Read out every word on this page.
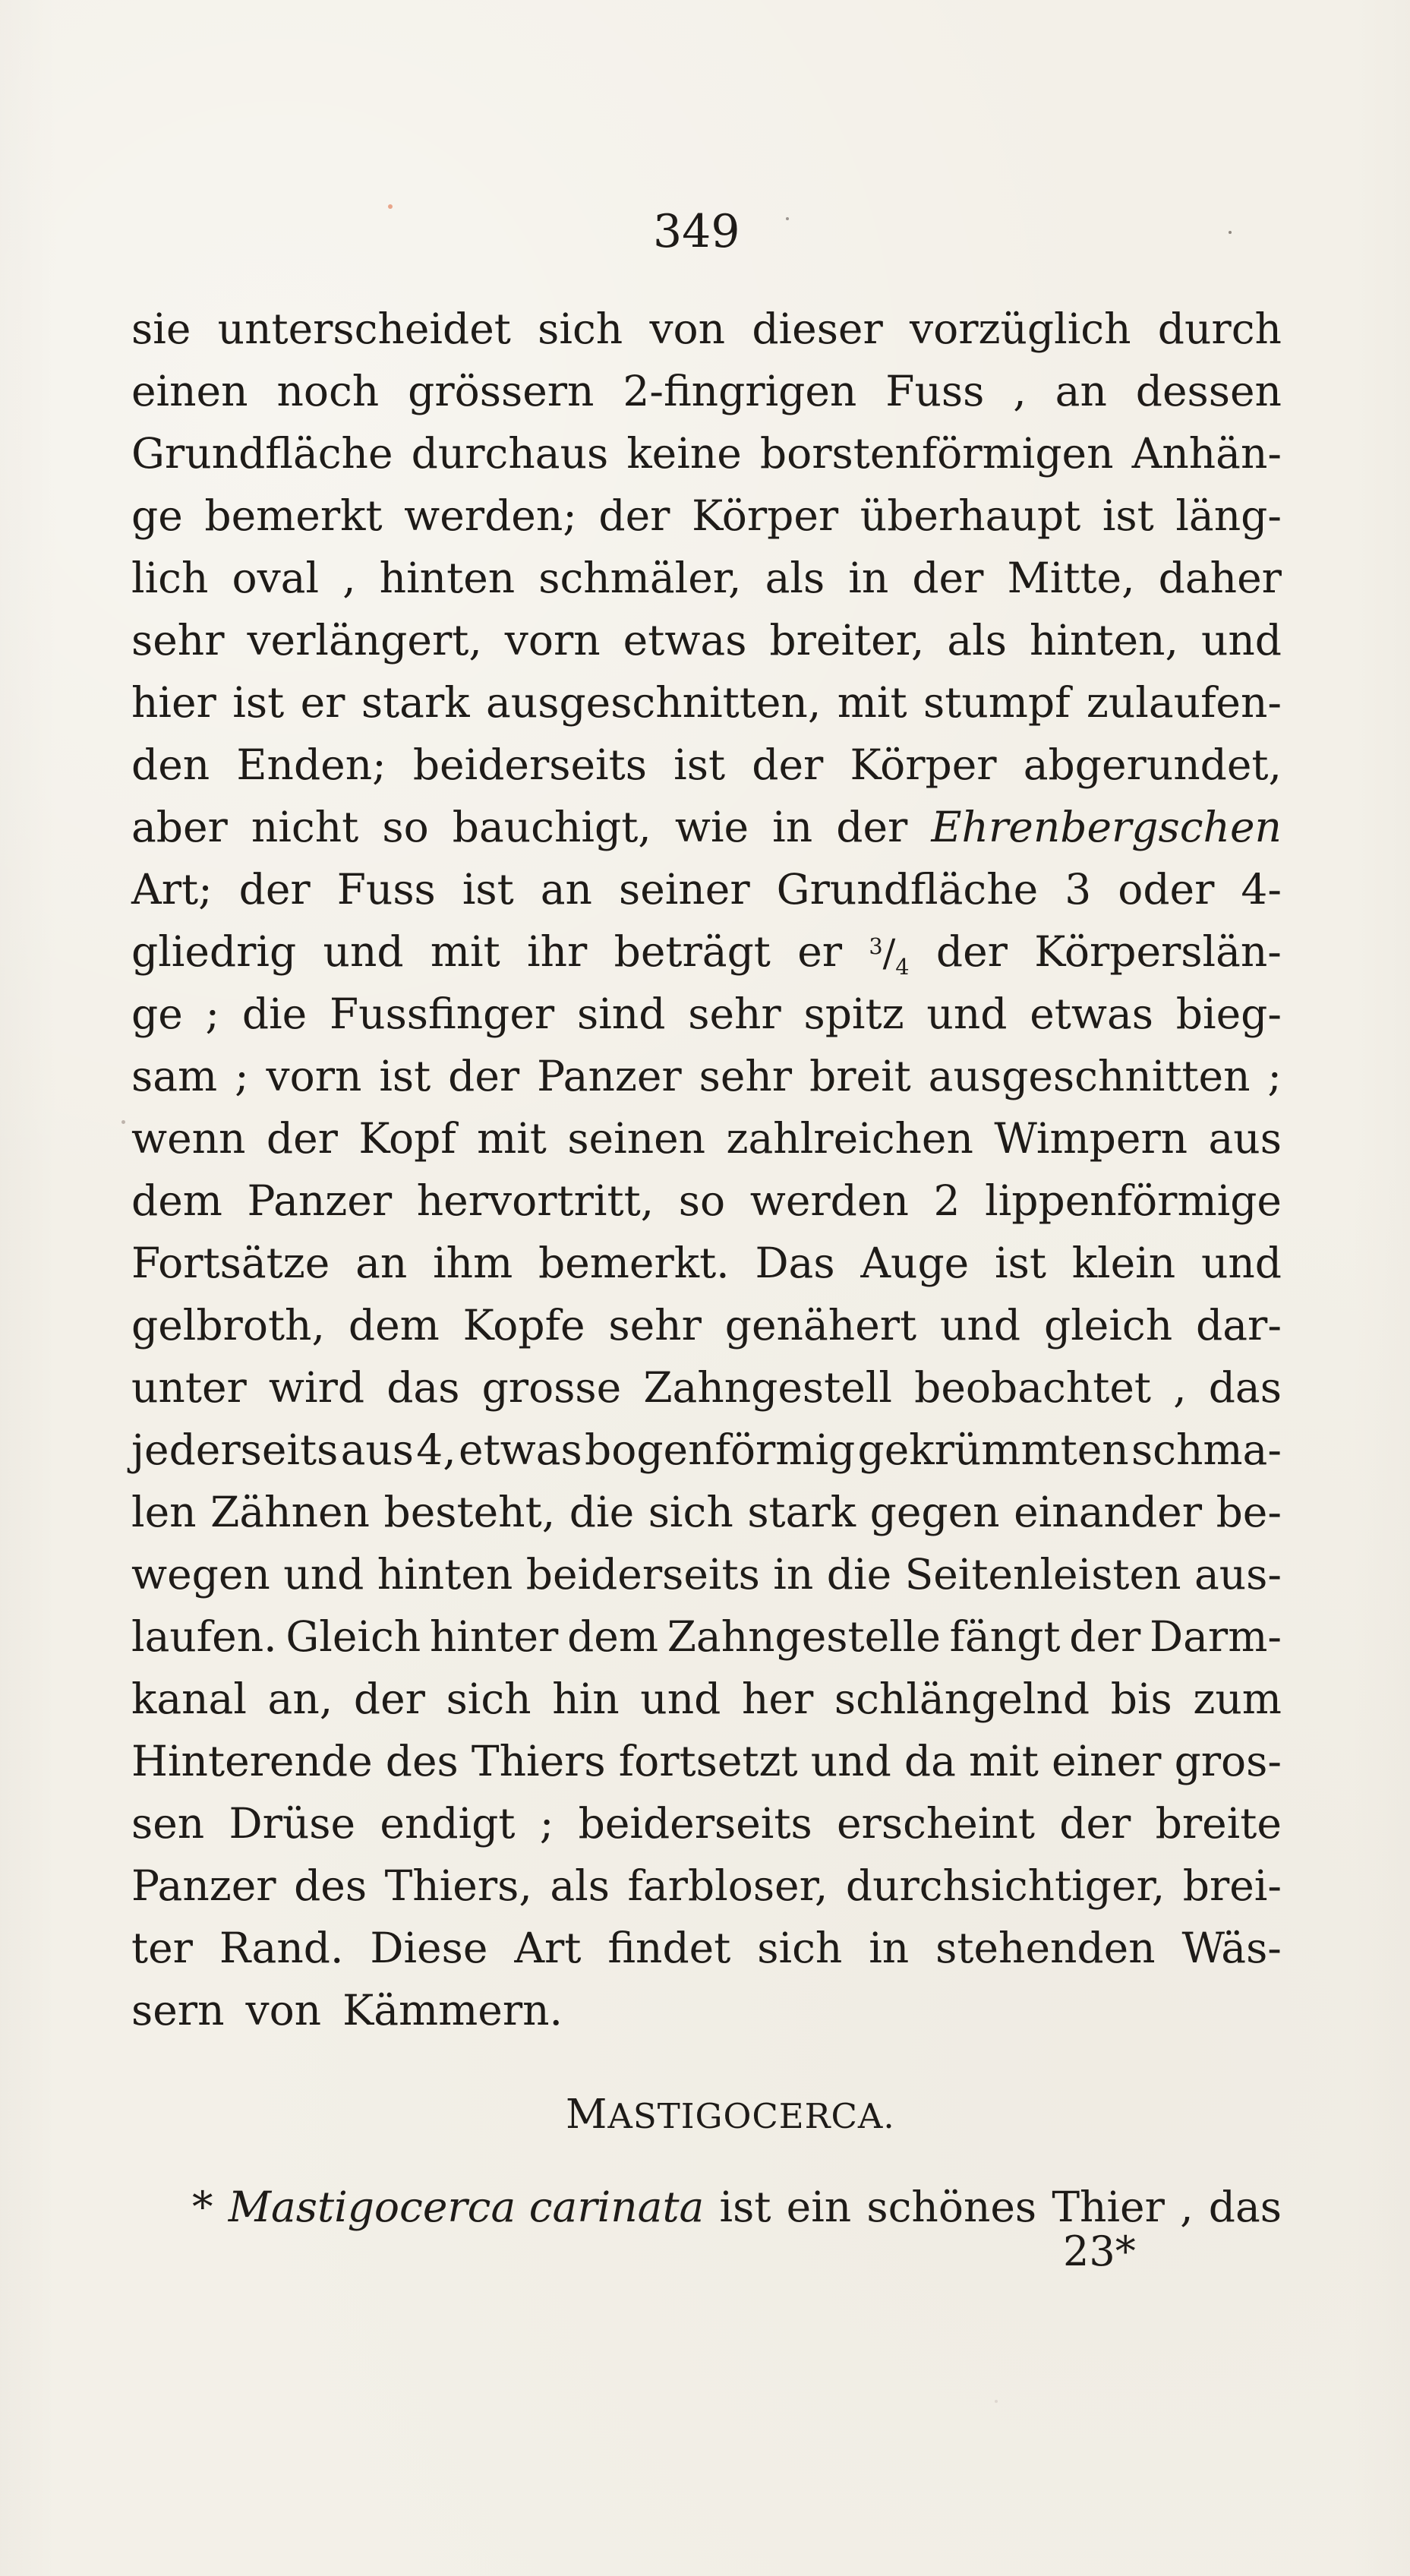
349
sie unterscheidet sich von dieser vorzüglich durch
einen noch grössern 2-fingrigen Fuss , an dessen
Grundfläche durchaus keine borstenförmigen Anhän-
ge bemerkt werden; der Körper überhaupt ist läng-
lich oval , hinten schmäler, als in der Mitte, daher
sehr verlängert, vorn etwas breiter, als hinten, und
hier ist er stark ausgeschnitten, mit stumpf zulaufen-
den Enden; beiderseits ist der Körper abgerundet,
aber nicht so bauchigt, wie in der Ehrenbergschen
Art; der Fuss ist an seiner Grundfläche 3 oder 4-
gliedrig und mit ihr beträgt er $^3/_4$ der Körperslän-
ge ; die Fussfinger sind sehr spitz und etwas bieg-
sam ; vorn ist der Panzer sehr breit ausgeschnitten ;
wenn der Kopf mit seinen zahlreichen Wimpern aus
dem Panzer hervortritt, so werden 2 lippenförmige
Fortsätze an ihm bemerkt. Das Auge ist klein und
gelbroth, dem Kopfe sehr genähert und gleich dar-
unter wird das grosse Zahngestell beobachtet , das
jederseits aus 4, etwas bogenförmig gekrümmten schma-
len Zähnen besteht, die sich stark gegen einander be-
wegen und hinten beiderseits in die Seitenleisten aus-
laufen. Gleich hinter dem Zahngestelle fängt der Darm-
kanal an, der sich hin und her schlängelnd bis zum
Hinterende des Thiers fortsetzt und da mit einer gros-
sen Drüse endigt ; beiderseits erscheint der breite
Panzer des Thiers, als farbloser, durchsichtiger, brei-
ter Rand. Diese Art findet sich in stehenden Wäs-
sern von Kämmern.
MASTIGOCERCA.
* Mastigocerca carinata ist ein schönes Thier , das
23*
